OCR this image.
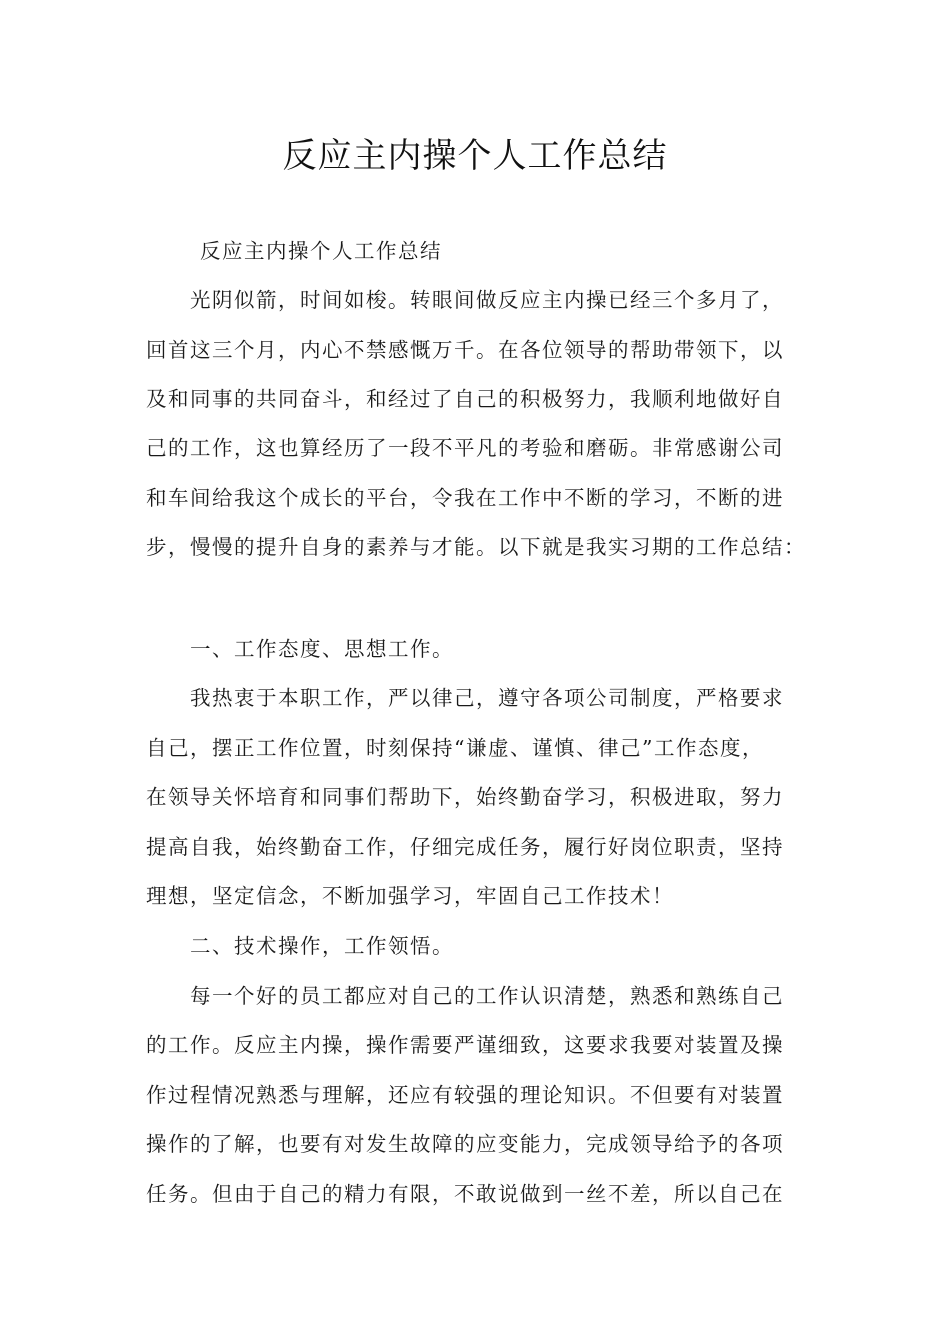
反应主内操个人工作总结
反应主内操个人工作总结
光阴似箭，时间如梭。转眼间做反应主内操已经三个多月了，
回首这三个月，内心不禁感慨万千。在各位领导的帮助带领下，以
及和同事的共同奋斗，和经过了自己的积极努力，我顺利地做好自
己的工作，这也算经历了一段不平凡的考验和磨砺。非常感谢公司
和车间给我这个成长的平台，令我在工作中不断的学习，不断的进
步，慢慢的提升自身的素养与才能。以下就是我实习期的工作总结：
一、工作态度、思想工作。
我热衷于本职工作，严以律己，遵守各项公司制度，严格要求
自己，摆正工作位置，时刻保持“谦虚、谨慎、律己”工作态度，
在领导关怀培育和同事们帮助下，始终勤奋学习，积极进取，努力
提高自我，始终勤奋工作，仔细完成任务，履行好岗位职责，坚持
理想，坚定信念，不断加强学习，牢固自己工作技术！
二、技术操作，工作领悟。
每一个好的员工都应对自己的工作认识清楚，熟悉和熟练自己
的工作。反应主内操，操作需要严谨细致，这要求我要对装置及操
作过程情况熟悉与理解，还应有较强的理论知识。不但要有对装置
操作的了解，也要有对发生故障的应变能力，完成领导给予的各项
任务。但由于自己的精力有限，不敢说做到一丝不差，所以自己在
